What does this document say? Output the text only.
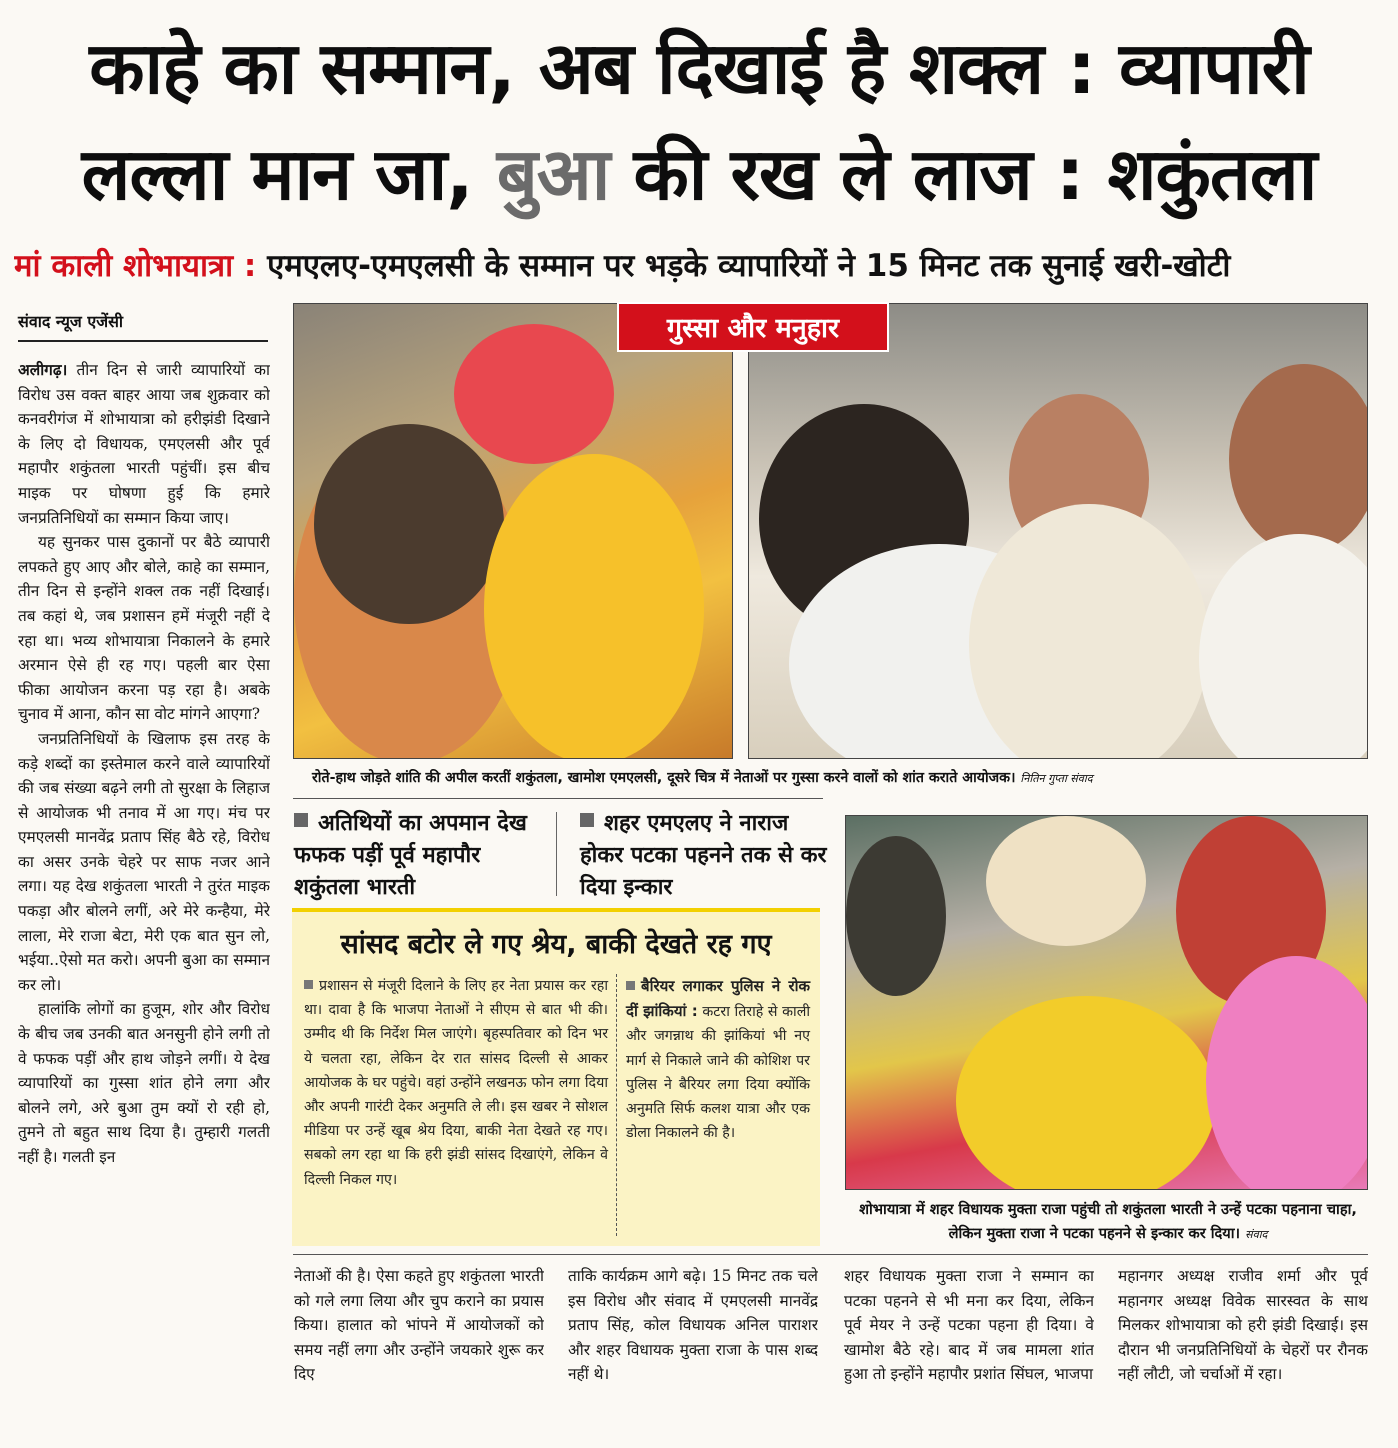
काहे का सम्मान, अब दिखाई है शक्ल : व्यापारी
लल्ला मान जा, बुआ की रख ले लाज : शकुंतला
मां काली शोभायात्रा : एमएलए-एमएलसी के सम्मान पर भड़के व्यापारियों ने 15 मिनट तक सुनाई खरी-खोटी
संवाद न्यूज एजेंसी

अलीगढ़। तीन दिन से जारी व्यापारियों का विरोध उस वक्त बाहर आया जब शुक्रवार को कनवरीगंज में शोभायात्रा को हरीझंडी दिखाने के लिए दो विधायक, एमएलसी और पूर्व महापौर शकुंतला भारती पहुंचीं। इस बीच माइक पर घोषणा हुई कि हमारे जनप्रतिनिधियों का सम्मान किया जाए।

यह सुनकर पास दुकानों पर बैठे व्यापारी लपकते हुए आए और बोले, काहे का सम्मान, तीन दिन से इन्होंने शक्ल तक नहीं दिखाई। तब कहां थे, जब प्रशासन हमें मंजूरी नहीं दे रहा था। भव्य शोभायात्रा निकालने के हमारे अरमान ऐसे ही रह गए। पहली बार ऐसा फीका आयोजन करना पड़ रहा है। अबके चुनाव में आना, कौन सा वोट मांगने आएगा?

जनप्रतिनिधियों के खिलाफ इस तरह के कड़े शब्दों का इस्तेमाल करने वाले व्यापारियों की जब संख्या बढ़ने लगी तो सुरक्षा के लिहाज से आयोजक भी तनाव में आ गए। मंच पर एमएलसी मानवेंद्र प्रताप सिंह बैठे रहे, विरोध का असर उनके चेहरे पर साफ नजर आने लगा। यह देख शकुंतला भारती ने तुरंत माइक पकड़ा और बोलने लगीं, अरे मेरे कन्हैया, मेरे लाला, मेरे राजा बेटा, मेरी एक बात सुन लो, भईया..ऐसो मत करो। अपनी बुआ का सम्मान कर लो।

हालांकि लोगों का हुजूम, शोर और विरोध के बीच जब उनकी बात अनसुनी होने लगी तो वे फफक पड़ीं और हाथ जोड़ने लगीं। ये देख व्यापारियों का गुस्सा शांत होने लगा और बोलने लगे, अरे बुआ तुम क्यों रो रही हो, तुमने तो बहुत साथ दिया है। तुम्हारी गलती नहीं है। गलती इन

गुस्सा और मनुहार
रोते-हाथ जोड़ते शांति की अपील करतीं शकुंतला, खामोश एमएलसी, दूसरे चित्र में नेताओं पर गुस्सा करने वालों को शांत कराते आयोजक। नितिन गुप्ता संवाद
अतिथियों का अपमान देख फफक पड़ीं पूर्व महापौर शकुंतला भारती
शहर एमएलए ने नाराज होकर पटका पहनने तक से कर दिया इन्कार
सांसद बटोर ले गए श्रेय, बाकी देखते रह गए
प्रशासन से मंजूरी दिलाने के लिए हर नेता प्रयास कर रहा था। दावा है कि भाजपा नेताओं ने सीएम से बात भी की। उम्मीद थी कि निर्देश मिल जाएंगे। बृहस्पतिवार को दिन भर ये चलता रहा, लेकिन देर रात सांसद दिल्ली से आकर आयोजक के घर पहुंचे। वहां उन्होंने लखनऊ फोन लगा दिया और अपनी गारंटी देकर अनुमति ले ली। इस खबर ने सोशल मीडिया पर उन्हें खूब श्रेय दिया, बाकी नेता देखते रह गए। सबको लग रहा था कि हरी झंडी सांसद दिखाएंगे, लेकिन वे दिल्ली निकल गए।
बैरियर लगाकर पुलिस ने रोक दीं झांकियां : कटरा तिराहे से काली और जगन्नाथ की झांकियां भी नए मार्ग से निकाले जाने की कोशिश पर पुलिस ने बैरियर लगा दिया क्योंकि अनुमति सिर्फ कलश यात्रा और एक डोला निकालने की है।
शोभायात्रा में शहर विधायक मुक्ता राजा पहुंची तो शकुंतला भारती ने उन्हें पटका पहनाना चाहा, लेकिन मुक्ता राजा ने पटका पहनने से इन्कार कर दिया। संवाद
नेताओं की है। ऐसा कहते हुए शकुंतला भारती को गले लगा लिया और चुप कराने का प्रयास किया। हालात को भांपने में आयोजकों को समय नहीं लगा और उन्होंने जयकारे शुरू कर दिए
ताकि कार्यक्रम आगे बढ़े। 15 मिनट तक चले इस विरोध और संवाद में एमएलसी मानवेंद्र प्रताप सिंह, कोल विधायक अनिल पाराशर और शहर विधायक मुक्ता राजा के पास शब्द नहीं थे।
शहर विधायक मुक्ता राजा ने सम्मान का पटका पहनने से भी मना कर दिया, लेकिन पूर्व मेयर ने उन्हें पटका पहना ही दिया। वे खामोश बैठे रहे। बाद में जब मामला शांत हुआ तो इन्होंने महापौर प्रशांत सिंघल, भाजपा
महानगर अध्यक्ष राजीव शर्मा और पूर्व महानगर अध्यक्ष विवेक सारस्वत के साथ मिलकर शोभायात्रा को हरी झंडी दिखाई। इस दौरान भी जनप्रतिनिधियों के चेहरों पर रौनक नहीं लौटी, जो चर्चाओं में रहा।
